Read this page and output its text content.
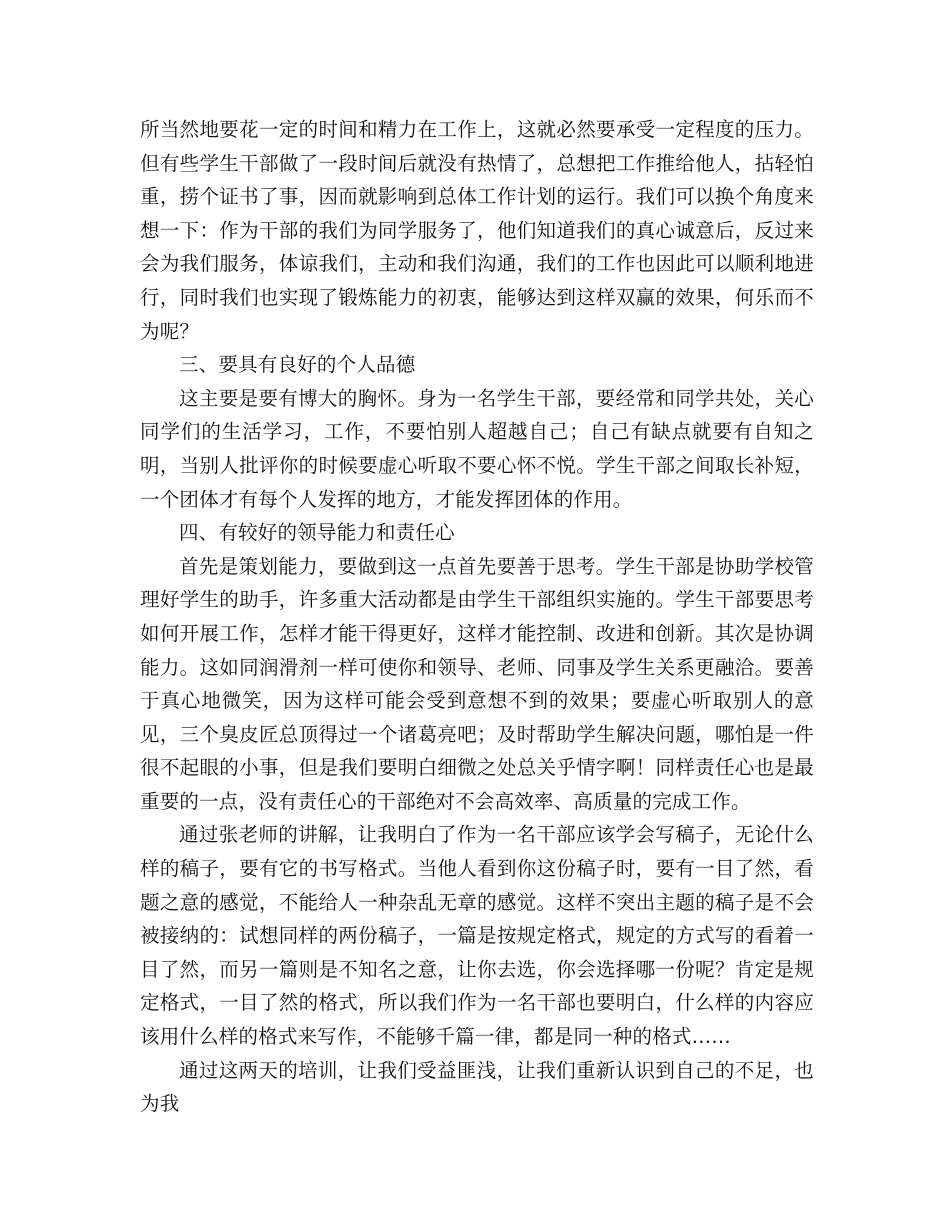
所当然地要花一定的时间和精力在工作上，这就必然要承受一定程度的压力。但有些学生干部做了一段时间后就没有热情了，总想把工作推给他人，拈轻怕重，捞个证书了事，因而就影响到总体工作计划的运行。我们可以换个角度来想一下：作为干部的我们为同学服务了，他们知道我们的真心诚意后，反过来会为我们服务，体谅我们，主动和我们沟通，我们的工作也因此可以顺利地进行，同时我们也实现了锻炼能力的初衷，能够达到这样双赢的效果，何乐而不为呢？

三、要具有良好的个人品德

这主要是要有博大的胸怀。身为一名学生干部，要经常和同学共处，关心同学们的生活学习，工作，不要怕别人超越自己；自己有缺点就要有自知之明，当别人批评你的时候要虚心听取不要心怀不悦。学生干部之间取长补短，一个团体才有每个人发挥的地方，才能发挥团体的作用。

四、有较好的领导能力和责任心

首先是策划能力，要做到这一点首先要善于思考。学生干部是协助学校管理好学生的助手，许多重大活动都是由学生干部组织实施的。学生干部要思考如何开展工作，怎样才能干得更好，这样才能控制、改进和创新。其次是协调能力。这如同润滑剂一样可使你和领导、老师、同事及学生关系更融洽。要善于真心地微笑，因为这样可能会受到意想不到的效果；要虚心听取别人的意见，三个臭皮匠总顶得过一个诸葛亮吧；及时帮助学生解决问题，哪怕是一件很不起眼的小事，但是我们要明白细微之处总关乎情字啊！同样责任心也是最重要的一点，没有责任心的干部绝对不会高效率、高质量的完成工作。

通过张老师的讲解，让我明白了作为一名干部应该学会写稿子，无论什么样的稿子，要有它的书写格式。当他人看到你这份稿子时，要有一目了然，看题之意的感觉，不能给人一种杂乱无章的感觉。这样不突出主题的稿子是不会被接纳的：试想同样的两份稿子，一篇是按规定格式，规定的方式写的看着一目了然，而另一篇则是不知名之意，让你去选，你会选择哪一份呢？肯定是规定格式，一目了然的格式，所以我们作为一名干部也要明白，什么样的内容应该用什么样的格式来写作，不能够千篇一律，都是同一种的格式……

通过这两天的培训，让我们受益匪浅，让我们重新认识到自己的不足，也为我
